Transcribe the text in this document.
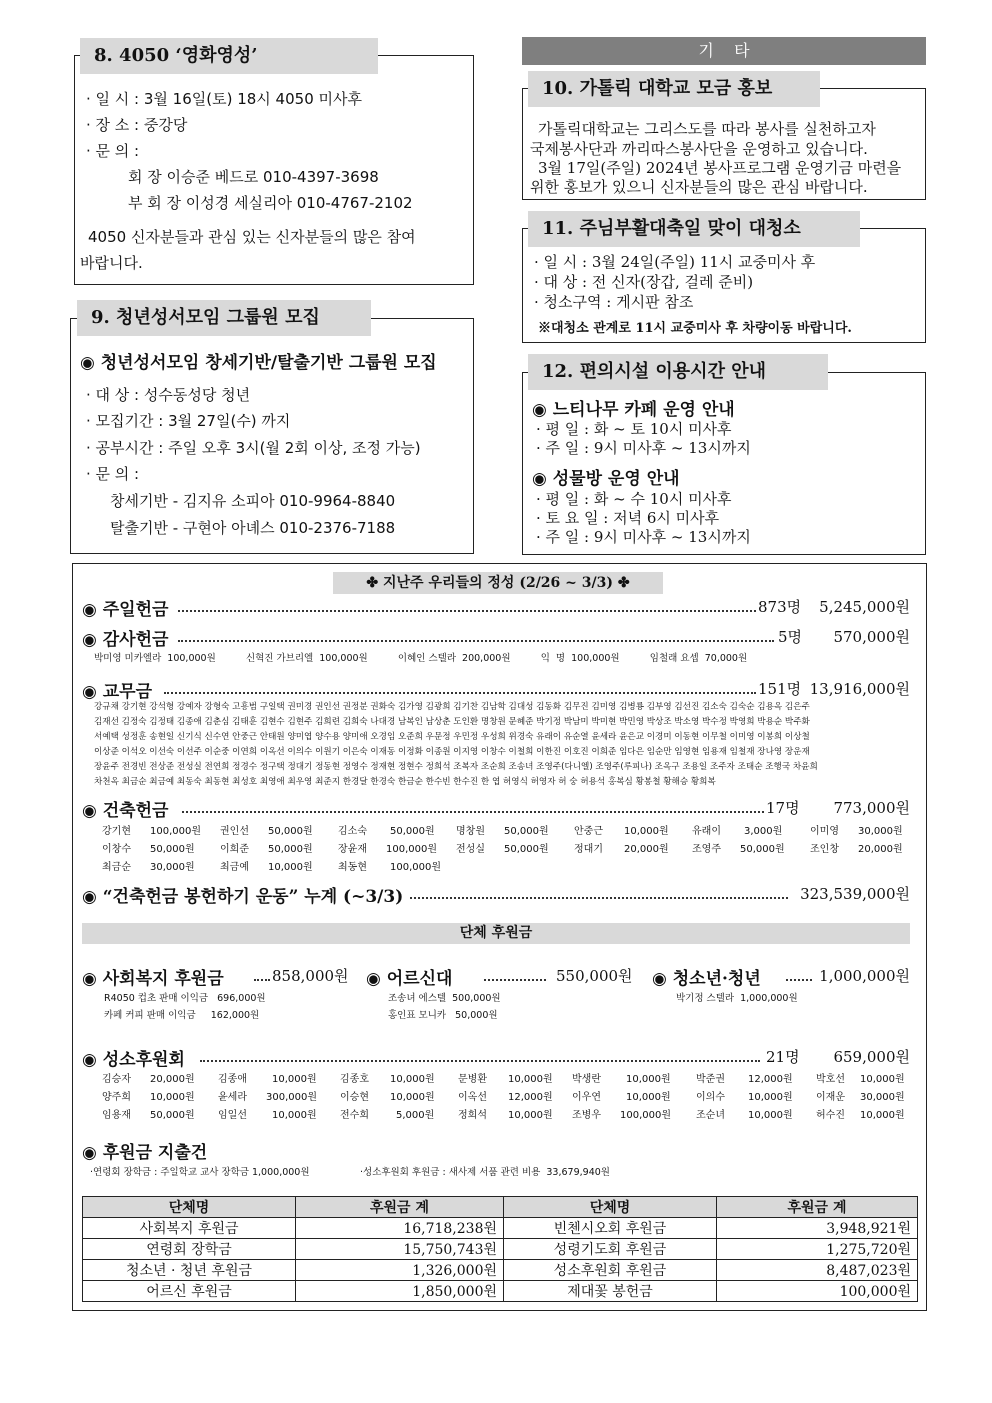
8. 4050 ‘영화영성’
· 일 시 : 3월 16일(토) 18시 4050 미사후
· 장 소 : 중강당
· 문 의 :
회 장 이승준 베드로 010-4397-3698
부 회 장 이성경 세실리아 010-4767-2102
4050 신자분들과 관심 있는 신자분들의 많은 참여
바랍니다.
9. 청년성서모임 그룹원 모집
◉ 청년성서모임 창세기반/탈출기반 그룹원 모집
· 대 상 : 성수동성당 청년
· 모집기간 : 3월 27일(수) 까지
· 공부시간 : 주일 오후 3시(월 2회 이상, 조정 가능)
· 문 의 :
창세기반 - 김지유 소피아 010-9964-8840
탈출기반 - 구현아 아녜스 010-2376-7188
기    타
10. 가톨릭 대학교 모금 홍보
가톨릭대학교는 그리스도를 따라 봉사를 실천하고자
국제봉사단과 까리따스봉사단을 운영하고 있습니다.
3월 17일(주일) 2024년 봉사프로그램 운영기금 마련을
위한 홍보가 있으니 신자분들의 많은 관심 바랍니다.
11. 주님부활대축일 맞이 대청소
· 일 시 : 3월 24일(주일) 11시 교중미사 후
· 대 상 : 전 신자(장갑, 걸레 준비)
· 청소구역 : 게시판 참조
※대청소 관계로 11시 교중미사 후 차량이동 바랍니다.
12. 편의시설 이용시간 안내
◉ 느티나무 카페 운영 안내
· 평 일 : 화 ~ 토 10시 미사후
· 주 일 : 9시 미사후 ~ 13시까지
◉ 성물방 운영 안내
· 평 일 : 화 ~ 수 10시 미사후
· 토 요 일 : 저녁 6시 미사후
· 주 일 : 9시 미사후 ~ 13시까지
✤ 지난주 우리들의 정성 (2/26 ~ 3/3) ✤
◉ 주일헌금	873명	5,245,000원
◉ 감사헌금	5명	570,000원
박미영 미카엘라  100,000원          신혁진 가브리엘  100,000원          이혜인 스텔라  200,000원          익  명  100,000원          임철래 요셉  70,000원
◉ 교무금	151명 13,916,000원
강규채 강기현 강석형 강예자 강형숙 고흥범 구일택 권미경 권인선 권정분 권화숙 김가영 김광희 김기찬 김남학 김대성 김동화 김무진 김미영 김병룡 김부영 김선진 김소숙 김숙순 김용옥 김은주
김재선 김정숙 김정태 김종애 김춘심 김태훈 김현수 김현주 김희련 김희숙 나대경 남복인 남상춘 도인환 명창원 문혜준 박기정 박남미 박미현 박민영 박상조 박소영 박수정 박영희 박용순 박주화
서예택 성정훈 송현일 신기식 신수연 안중근 안태원 양미엽 양수용 양미애 오경임 오준희 우문정 우민정 우성희 위경숙 유래이 유순열 윤세라 윤은교 이경미 이동현 이무철 이미영 이봉희 이상철
이상준 이석오 이선숙 이선주 이순중 이연희 이옥선 이의수 이원기 이은숙 이재동 이정화 이종원 이지영 이창수 이철희 이한진 이호진 이희준 임다은 임순만 임영현 임용재 임철재 장나영 장운재
장윤주 전경빈 전상준 전성실 전연희 정경수 정구택 정대기 정동현 정영수 정재현 정현수 정희석 조복자 조순희 조송녀 조영주(다니엘) 조영주(루피나) 조옥구 조용일 조주자 조태순 조행국 차윤희
차천옥 최금순 최금예 최동숙 최동현 최성호 최영애 최우영 최준지 한경달 한경숙 한금순 한수빈 한수진 한 엽 허영식 허영자 허 숭 허용석 홍복심 황봉철 황해승 황희복
◉ 건축헌금	17명	773,000원
강기현 100,000원 권인선 50,000원	김소숙 50,000원 명창원 50,000원	안중근 10,000원 유래이 3,000원	이미영 30,000원
이창수 50,000원	이희준 50,000원	장윤재 100,000원 전성실 50,000원	정대기 20,000원 조영주 50,000원	조인창 20,000원
최금순 30,000원	최금예 10,000원	최동현 100,000원
◉ “건축헌금 봉헌하기 운동” 누계 (~3/3)	323,539,000원
단체 후원금
◉ 사회복지 후원금	858,000원
R4050 컵초 판매 이익금   696,000원
카페 커피 판매 이익금     162,000원
◉ 어르신대	550,000원
조송녀 에스텔  500,000원
홍인표 모니카   50,000원
◉ 청소년·청년	1,000,000원
박기정 스텔라  1,000,000원
◉ 성소후원회	21명	659,000원
김승자 20,000원 김종애	10,000원 김종호 10,000원 문병환 10,000원 박생란	10,000원	박준권 12,000원 박호선 10,000원
양주희 10,000원 윤세라 300,000원 이승현 10,000원 이옥선 12,000원 이우연	10,000원	이의수 10,000원 이재운 30,000원
임용재 50,000원 임일선	10,000원 전수희	5,000원 정희석 10,000원 조병우 100,000원 조순녀 10,000원 허수진 10,000원
◉ 후원금 지출건
·연령회 장학금 : 주일학교 교사 장학금 1,000,000원	·성소후원회 후원금 : 새사제 서품 관련 비용  33,679,940원
단체명	후원금 계	단체명	후원금 계
사회복지 후원금	16,718,238원	빈첸시오회 후원금	3,948,921원
연령회 장학금	15,750,743원	성령기도회 후원금	1,275,720원
청소년 · 청년 후원금	1,326,000원	성소후원회 후원금	8,487,023원
어르신 후원금	1,850,000원	제대꽃 봉헌금	100,000원
